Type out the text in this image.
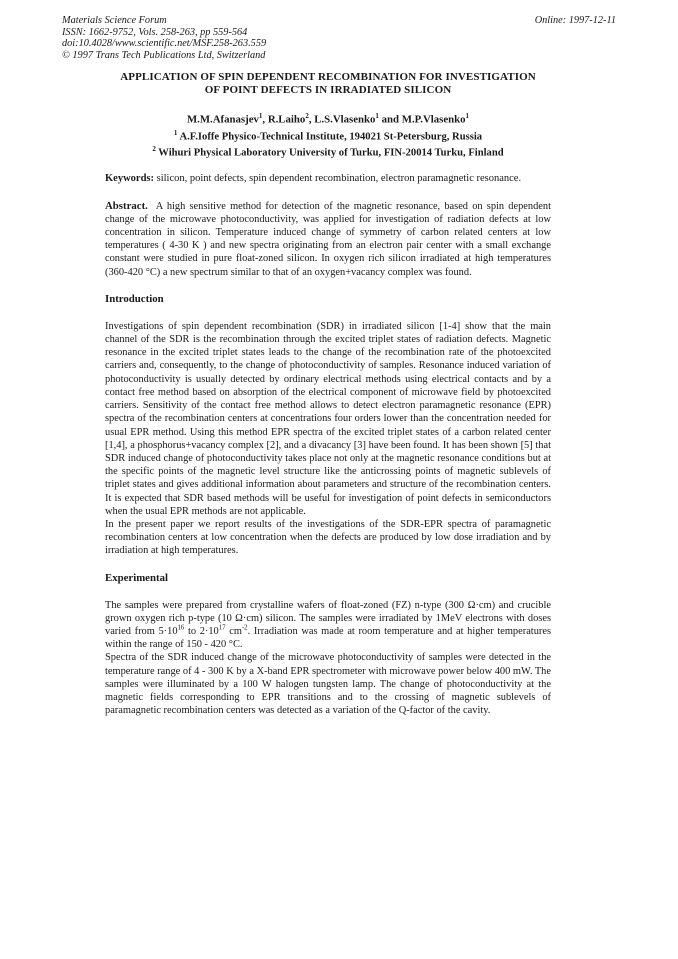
Materials Science Forum
ISSN: 1662-9752, Vols. 258-263, pp 559-564
doi:10.4028/www.scientific.net/MSF.258-263.559
© 1997 Trans Tech Publications Ltd, Switzerland
Online: 1997-12-11
APPLICATION OF SPIN DEPENDENT RECOMBINATION FOR INVESTIGATION
OF POINT DEFECTS IN IRRADIATED SILICON
M.M.Afanasjev$^1$, R.Laiho$^2$, L.S.Vlasenko$^1$ and M.P.Vlasenko$^1$
$^1$ A.F.Ioffe Physico-Technical Institute, 194021 St-Petersburg, Russia
$^2$ Wihuri Physical Laboratory University of Turku, FIN-20014 Turku, Finland
Keywords: silicon, point defects, spin dependent recombination, electron paramagnetic resonance.

Abstract. A high sensitive method for detection of the magnetic resonance, based on spin dependent change of the microwave photoconductivity, was applied for investigation of radiation defects at low concentration in silicon. Temperature induced change of symmetry of carbon related centers at low temperatures ( 4-30 K ) and new spectra originating from an electron pair center with a small exchange constant were studied in pure float-zoned silicon. In oxygen rich silicon irradiated at high temperatures (360-420 °C) a new spectrum similar to that of an oxygen+vacancy complex was found.

Introduction

Investigations of spin dependent recombination (SDR) in irradiated silicon [1-4] show that the main channel of the SDR is the recombination through the excited triplet states of radiation defects. Magnetic resonance in the excited triplet states leads to the change of the recombination rate of the photoexcited carriers and, consequently, to the change of photoconductivity of samples. Resonance induced variation of photoconductivity is usually detected by ordinary electrical methods using electrical contacts and by a contact free method based on absorption of the electrical component of microwave field by photoexcited carriers. Sensitivity of the contact free method allows to detect electron paramagnetic resonance (EPR) spectra of the recombination centers at concentrations four orders lower than the concentration needed for usual EPR method. Using this method EPR spectra of the excited triplet states of a carbon related center [1,4], a phosphorus+vacancy complex [2], and a divacancy [3] have been found. It has been shown [5] that SDR induced change of photoconductivity takes place not only at the magnetic resonance conditions but at the specific points of the magnetic level structure like the anticrossing points of magnetic sublevels of triplet states and gives additional information about parameters and structure of the recombination centers. It is expected that SDR based methods will be useful for investigation of point defects in semiconductors when the usual EPR methods are not applicable.

In the present paper we report results of the investigations of the SDR-EPR spectra of paramagnetic recombination centers at low concentration when the defects are produced by low dose irradiation and by irradiation at high temperatures.

Experimental

The samples were prepared from crystalline wafers of float-zoned (FZ) n-type (300 Ω·cm) and crucible grown oxygen rich p-type (10 Ω·cm) silicon. The samples were irradiated by 1MeV electrons with doses varied from $5\cdot 10^{16}$ to $2\cdot 10^{17}$ $cm^{-2}$. Irradiation was made at room temperature and at higher temperatures within the range of 150 - 420 °C.

Spectra of the SDR induced change of the microwave photoconductivity of samples were detected in the temperature range of 4 - 300 K by a X-band EPR spectrometer with microwave power below 400 mW. The samples were illuminated by a 100 W halogen tungsten lamp. The change of photoconductivity at the magnetic fields corresponding to EPR transitions and to the crossing of magnetic sublevels of paramagnetic recombination centers was detected as a variation of the Q-factor of the cavity.
